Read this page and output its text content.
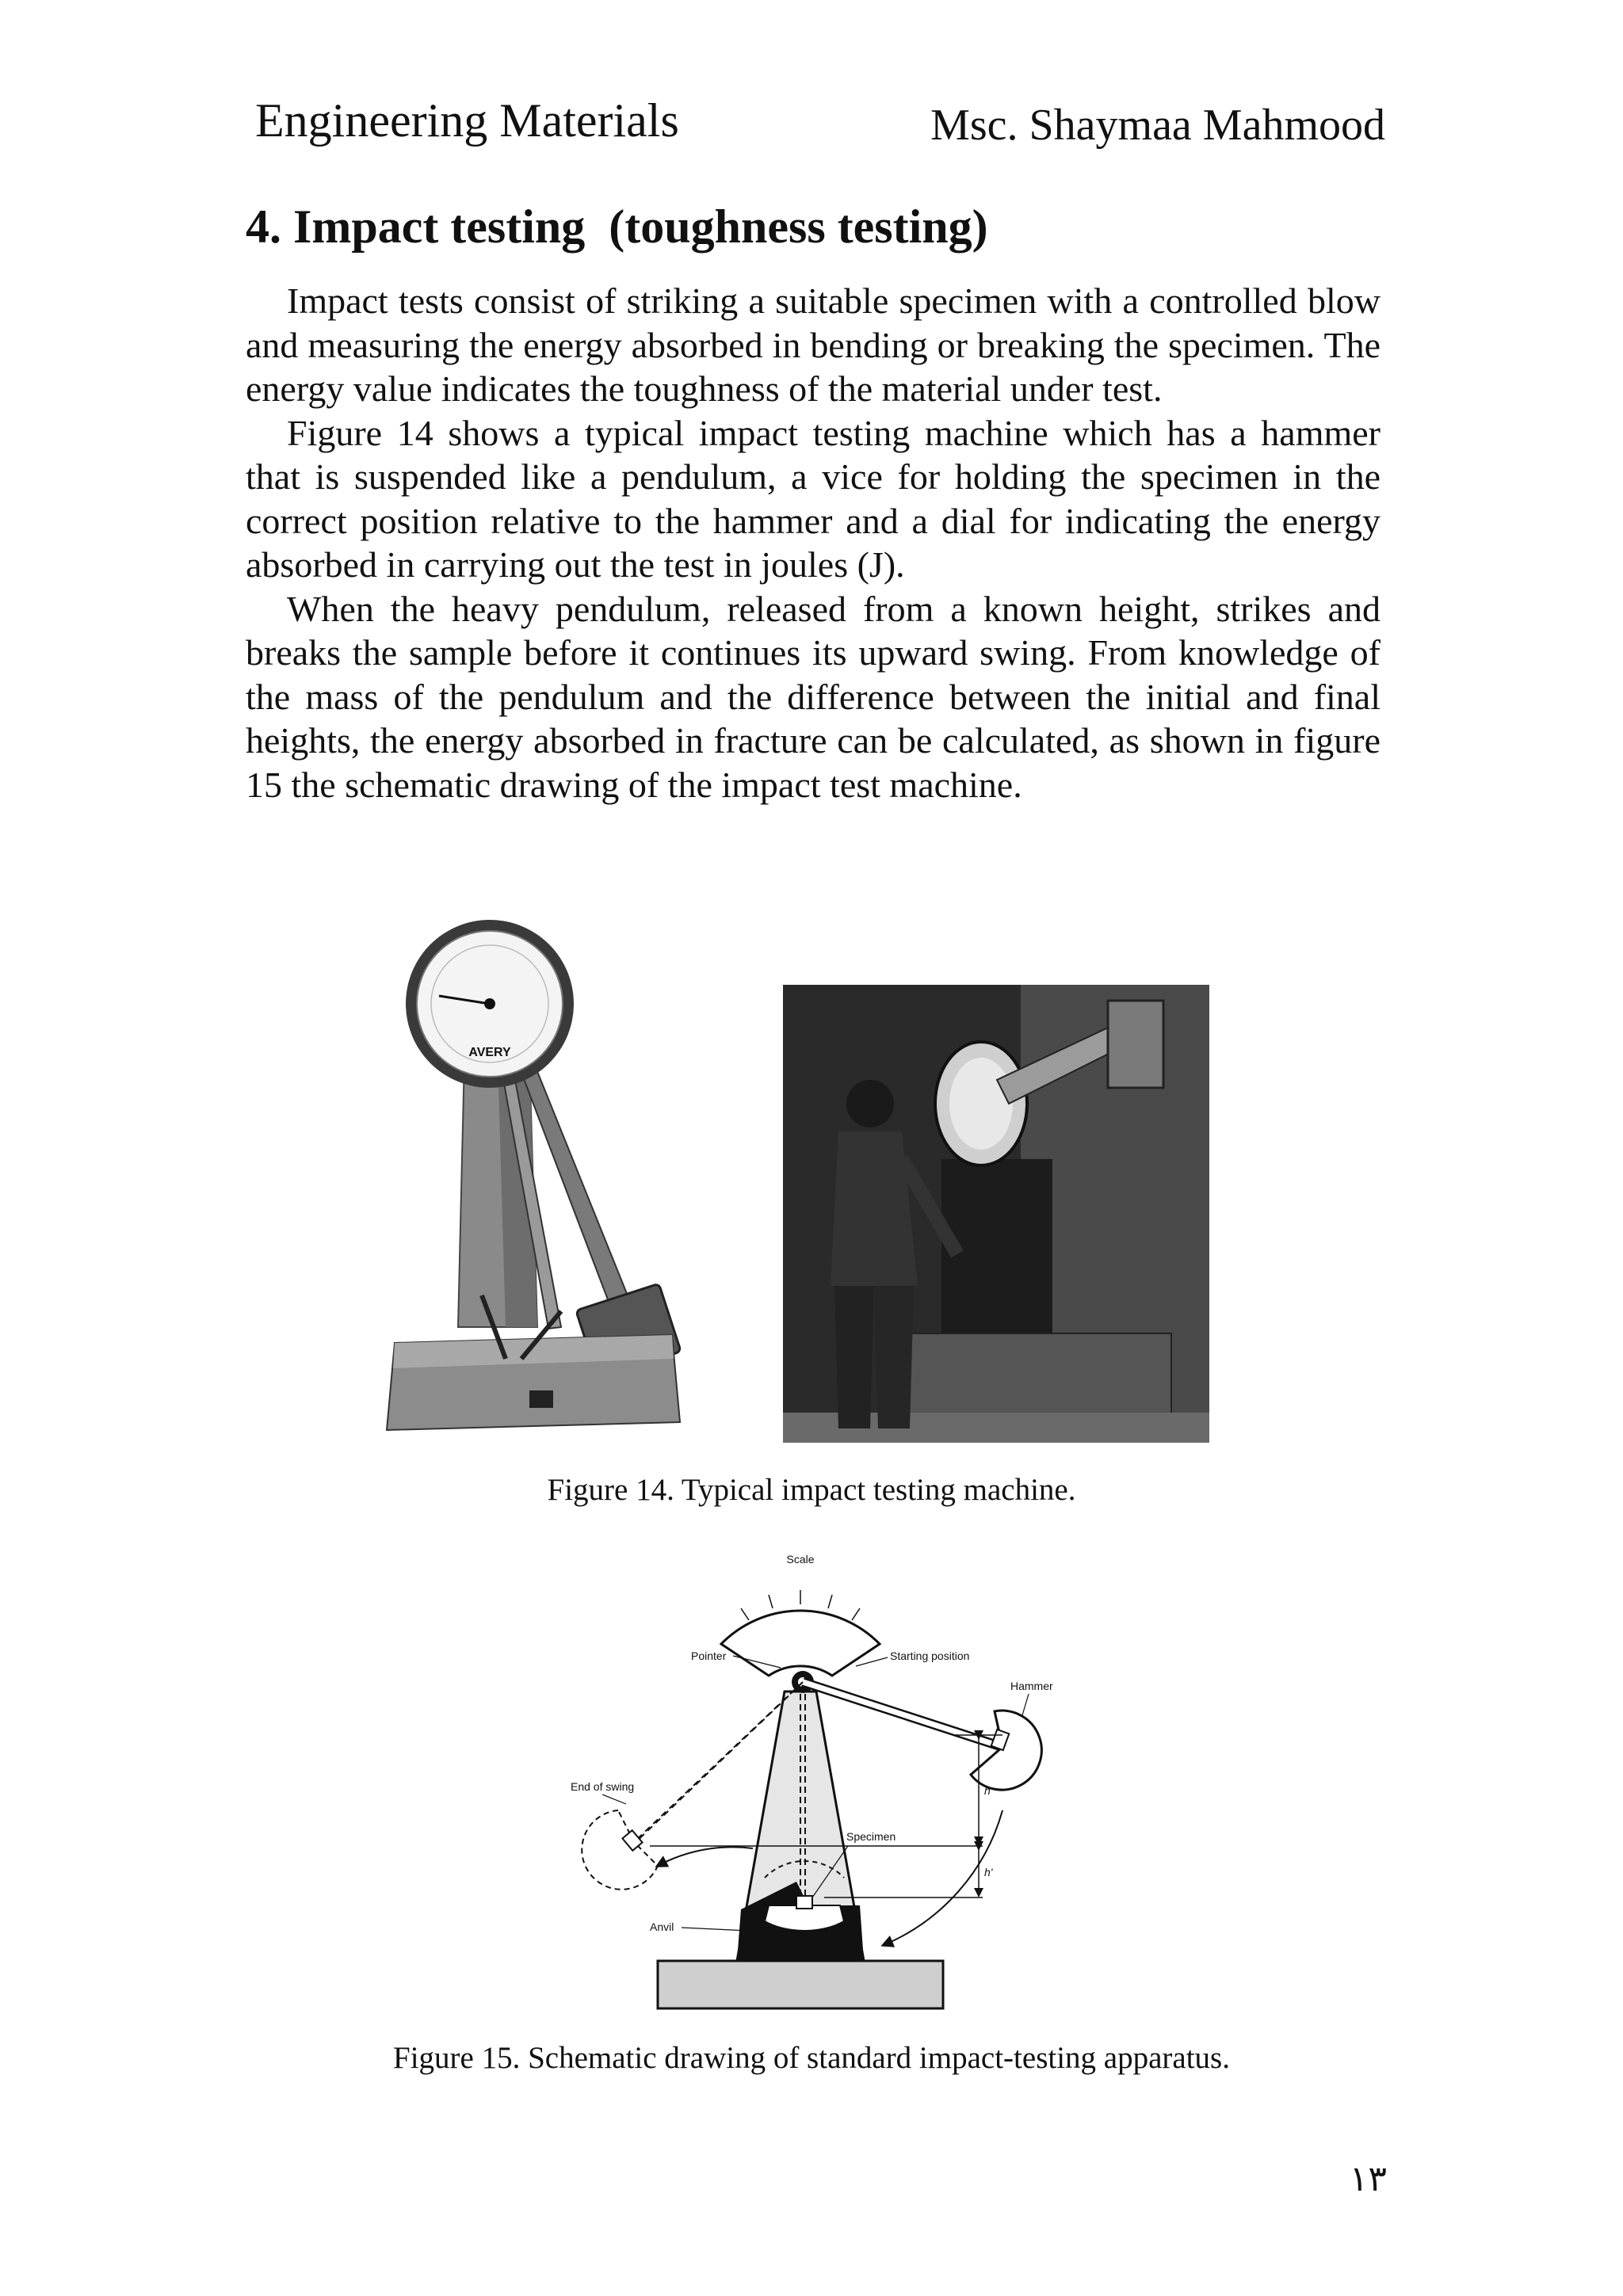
Engineering Materials	Msc. Shaymaa Mahmood
4. Impact testing  (toughness testing)

Impact tests consist of striking a suitable specimen with a controlled blow and measuring the energy absorbed in bending or breaking the specimen. The energy value indicates the toughness of the material under test.

Figure 14 shows a typical impact testing machine which has a hammer that is suspended like a pendulum, a vice for holding the specimen in the correct position relative to the hammer and a dial for indicating the energy absorbed in carrying out the test in joules (J).

When the heavy pendulum, released from a known height, strikes and breaks the sample before it continues its upward swing. From knowledge of the mass of the pendulum and the difference between the initial and final heights, the energy absorbed in fracture can be calculated, as shown in figure 15 the schematic drawing of the impact test machine.

AVERY
Figure 14. Typical impact testing machine.
Scale
Pointer	Starting position
Hammer
End of swing
Specimen
Anvil
h
h'
Figure 15. Schematic drawing of standard impact-testing apparatus.
١٣
